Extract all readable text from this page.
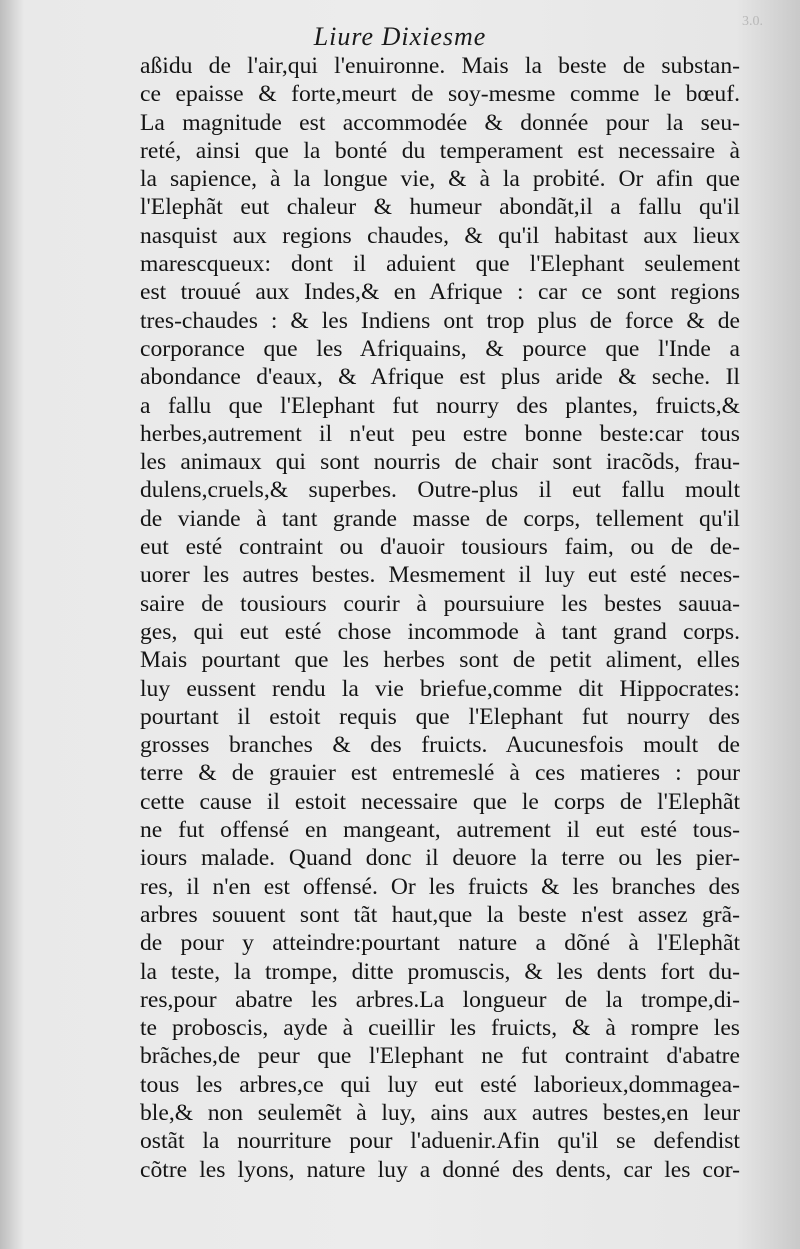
3.0.
Liure Dixiesme
aßidu de l'air,qui l'enuironne. Mais la beste de substan-
ce epaisse & forte,meurt de soy-mesme comme le bœuf.
La magnitude est accommodée & donnée pour la seu-
reté, ainsi que la bonté du temperament est necessaire à
la sapience, à la longue vie, & à la probité. Or afin que
l'Elephãt eut chaleur & humeur abondãt,il a fallu qu'il
nasquist aux regions chaudes, & qu'il habitast aux lieux
marescqueux: dont il aduient que l'Elephant seulement
est trouué aux Indes,& en Afrique : car ce sont regions
tres-chaudes : & les Indiens ont trop plus de force & de
corporance que les Afriquains, & pource que l'Inde a
abondance d'eaux, & Afrique est plus aride & seche. Il
a fallu que l'Elephant fut nourry des plantes, fruicts,&
herbes,autrement il n'eut peu estre bonne beste:car tous
les animaux qui sont nourris de chair sont iracõds, frau-
dulens,cruels,& superbes. Outre-plus il eut fallu moult
de viande à tant grande masse de corps, tellement qu'il
eut esté contraint ou d'auoir tousiours faim, ou de de-
uorer les autres bestes. Mesmement il luy eut esté neces-
saire de tousiours courir à poursuiure les bestes sauua-
ges, qui eut esté chose incommode à tant grand corps.
Mais pourtant que les herbes sont de petit aliment, elles
luy eussent rendu la vie briefue,comme dit Hippocrates:
pourtant il estoit requis que l'Elephant fut nourry des
grosses branches & des fruicts. Aucunesfois moult de
terre & de grauier est entremeslé à ces matieres : pour
cette cause il estoit necessaire que le corps de l'Elephãt
ne fut offensé en mangeant, autrement il eut esté tous-
iours malade. Quand donc il deuore la terre ou les pier-
res, il n'en est offensé. Or les fruicts & les branches des
arbres souuent sont tãt haut,que la beste n'est assez grã-
de pour y atteindre:pourtant nature a dõné à l'Elephãt
la teste, la trompe, ditte promuscis, & les dents fort du-
res,pour abatre les arbres.La longueur de la trompe,di-
te proboscis, ayde à cueillir les fruicts, & à rompre les
brãches,de peur que l'Elephant ne fut contraint d'abatre
tous les arbres,ce qui luy eut esté laborieux,dommagea-
ble,& non seulemẽt à luy, ains aux autres bestes,en leur
ostãt la nourriture pour l'aduenir.Afin qu'il se defendist
cõtre les lyons, nature luy a donné des dents, car les cor-
